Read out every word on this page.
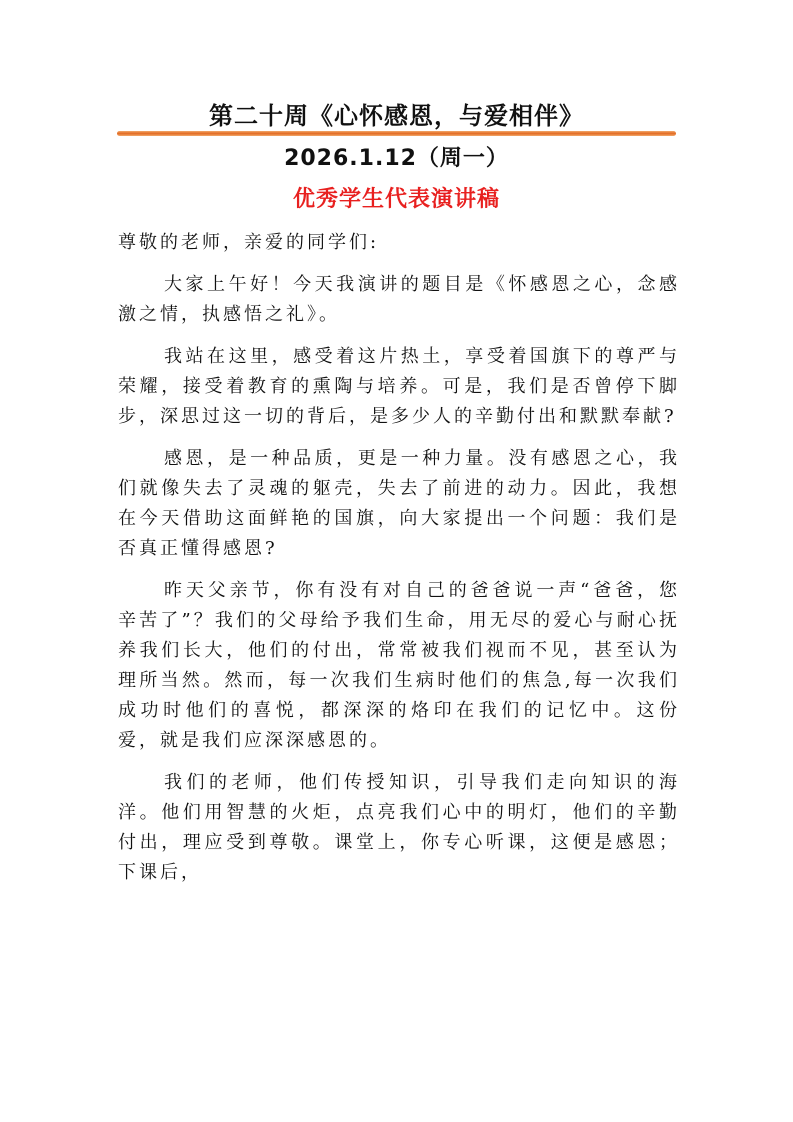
第二十周《心怀感恩，与爱相伴》
2026.1.12（周一）
优秀学生代表演讲稿

尊敬的老师，亲爱的同学们:

大家上午好！今天我演讲的题目是《怀感恩之心，念感激之情，执感悟之礼》。

我站在这里，感受着这片热土，享受着国旗下的尊严与荣耀，接受着教育的熏陶与培养。可是，我们是否曾停下脚步，深思过这一切的背后，是多少人的辛勤付出和默默奉献?

感恩，是一种品质，更是一种力量。没有感恩之心，我们就像失去了灵魂的躯壳，失去了前进的动力。因此，我想在今天借助这面鲜艳的国旗，向大家提出一个问题：我们是否真正懂得感恩?

昨天父亲节，你有没有对自己的爸爸说一声“爸爸，您辛苦了”？我们的父母给予我们生命，用无尽的爱心与耐心抚养我们长大，他们的付出，常常被我们视而不见，甚至认为理所当然。然而，每一次我们生病时他们的焦急,每一次我们成功时他们的喜悦，都深深的烙印在我们的记忆中。这份爱，就是我们应深深感恩的。

我们的老师，他们传授知识，引导我们走向知识的海洋。他们用智慧的火炬，点亮我们心中的明灯，他们的辛勤付出，理应受到尊敬。课堂上，你专心听课，这便是感恩；下课后，
